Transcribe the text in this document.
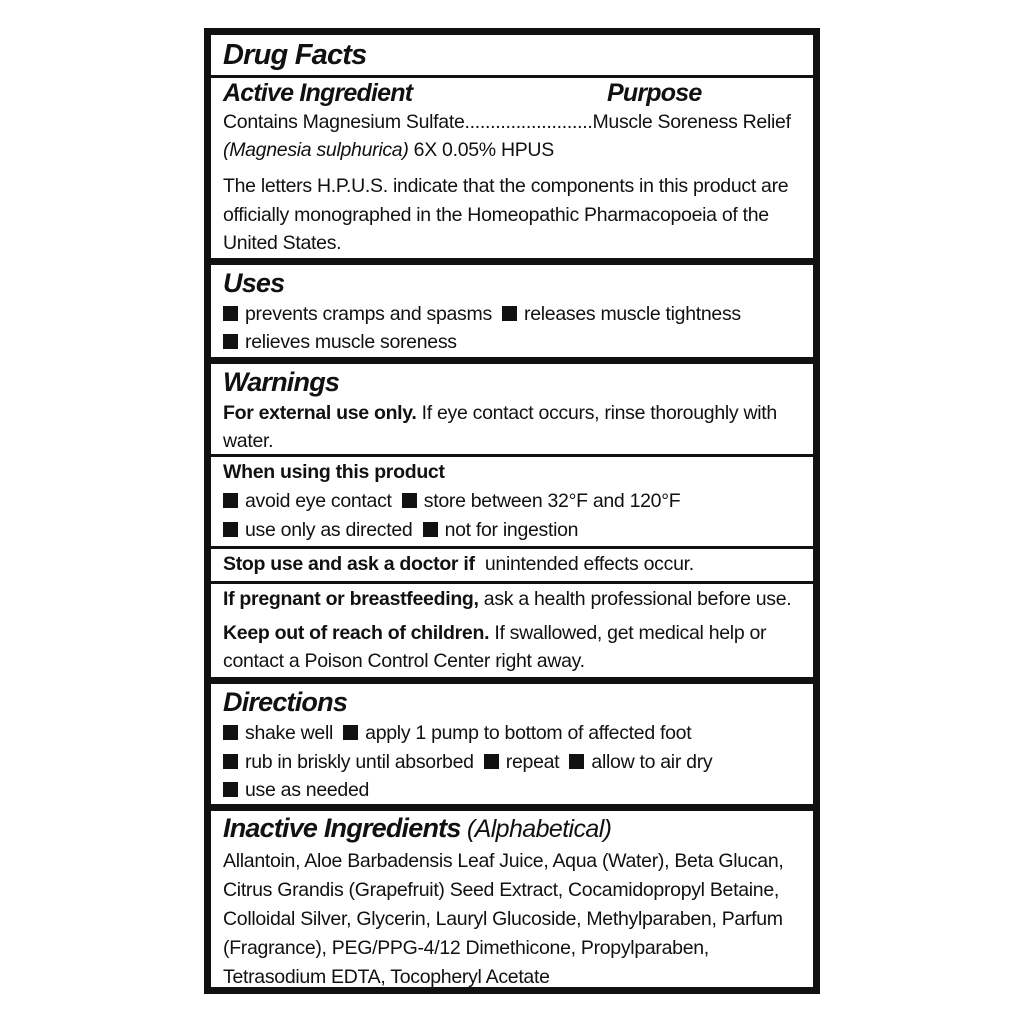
Drug Facts
Active Ingredient	Purpose
Contains Magnesium Sulfate.........................Muscle Soreness Relief
(Magnesia sulphurica) 6X 0.05% HPUS
The letters H.P.U.S. indicate that the components in this product are
officially monographed in the Homeopathic Pharmacopoeia of the
United States.
Uses
prevents cramps and spasms releases muscle tightness
relieves muscle soreness
Warnings
For external use only. If eye contact occurs, rinse thoroughly with
water.
When using this product
avoid eye contact store between 32°F and 120°F
use only as directed not for ingestion
Stop use and ask a doctor if  unintended effects occur.
If pregnant or breastfeeding, ask a health professional before use.
Keep out of reach of children. If swallowed, get medical help or
contact a Poison Control Center right away.
Directions
shake well apply 1 pump to bottom of affected foot
rub in briskly until absorbed repeat allow to air dry
use as needed
Inactive Ingredients (Alphabetical)
Allantoin, Aloe Barbadensis Leaf Juice, Aqua (Water), Beta Glucan,
Citrus Grandis (Grapefruit) Seed Extract, Cocamidopropyl Betaine,
Colloidal Silver, Glycerin, Lauryl Glucoside, Methylparaben, Parfum
(Fragrance), PEG/PPG-4/12 Dimethicone, Propylparaben,
Tetrasodium EDTA, Tocopheryl Acetate
